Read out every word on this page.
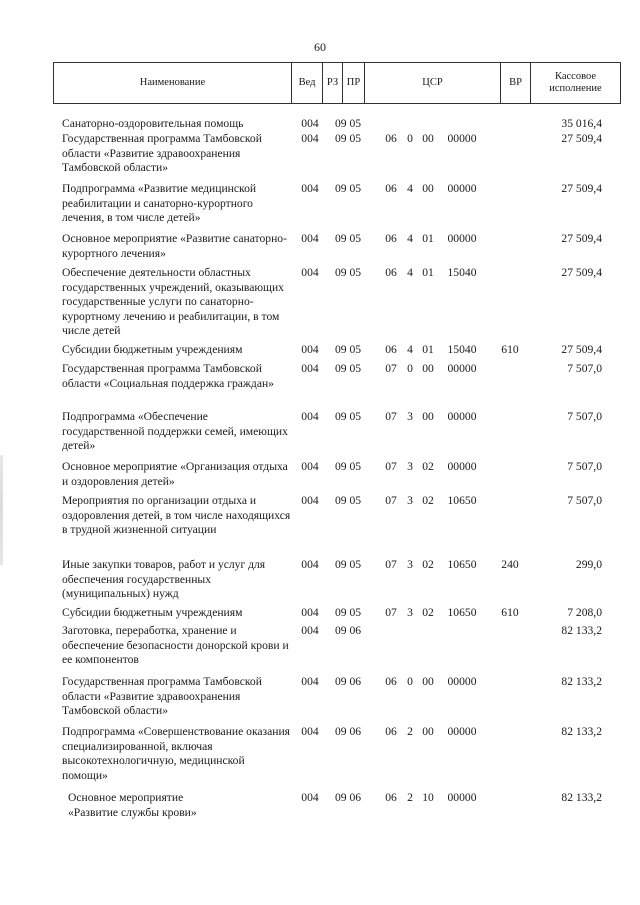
60
Наименование	Вед	РЗ	ПР	ЦСР	ВР	Кассовое исполнение
Санаторно-оздоровительная помощь	004	09 05	35 016,4
Государственная программа Тамбовской области «Развитие здравоохранения Тамбовской области»
004	09 05	06 0 00	00000	27 509,4
Подпрограмма «Развитие медицинской реабилитации и санаторно-курортного лечения, в том числе детей»
004	09 05	06 4 00	00000	27 509,4
Основное мероприятие «Развитие санаторно-курортного лечения»
004	09 05	06 4 01	00000	27 509,4
Обеспечение деятельности областных государственных учреждений, оказывающих государственные услуги по санаторно-курортному лечению и реабилитации, в том числе детей
004	09 05	06 4 01	15040	27 509,4
Субсидии бюджетным учреждениям	004	09 05	06 4 01	15040	610	27 509,4
Государственная программа Тамбовской области «Социальная поддержка граждан»
004	09 05	07 0 00	00000	7 507,0
Подпрограмма «Обеспечение государственной поддержки семей, имеющих детей»
004	09 05	07 3 00	00000	7 507,0
Основное мероприятие «Организация отдыха и оздоровления детей»
004	09 05	07 3 02	00000	7 507,0
Мероприятия по организации отдыха и оздоровления детей, в том числе находящихся в трудной жизненной ситуации
004	09 05	07 3 02	10650	7 507,0
Иные закупки товаров, работ и услуг для обеспечения государственных (муниципальных) нужд
004	09 05	07 3 02	10650	240	299,0
Субсидии бюджетным учреждениям	004	09 05	07 3 02	10650	610	7 208,0
Заготовка, переработка, хранение и обеспечение безопасности донорской крови и ее компонентов
004	09 06	82 133,2
Государственная программа Тамбовской области «Развитие здравоохранения Тамбовской области»
004	09 06	06 0 00	00000	82 133,2
Подпрограмма «Совершенствование оказания специализированной, включая высокотехнологичную, медицинской помощи»
004	09 06	06 2 00	00000	82 133,2
Основное мероприятие «Развитие службы крови»
004	09 06	06 2 10	00000	82 133,2
